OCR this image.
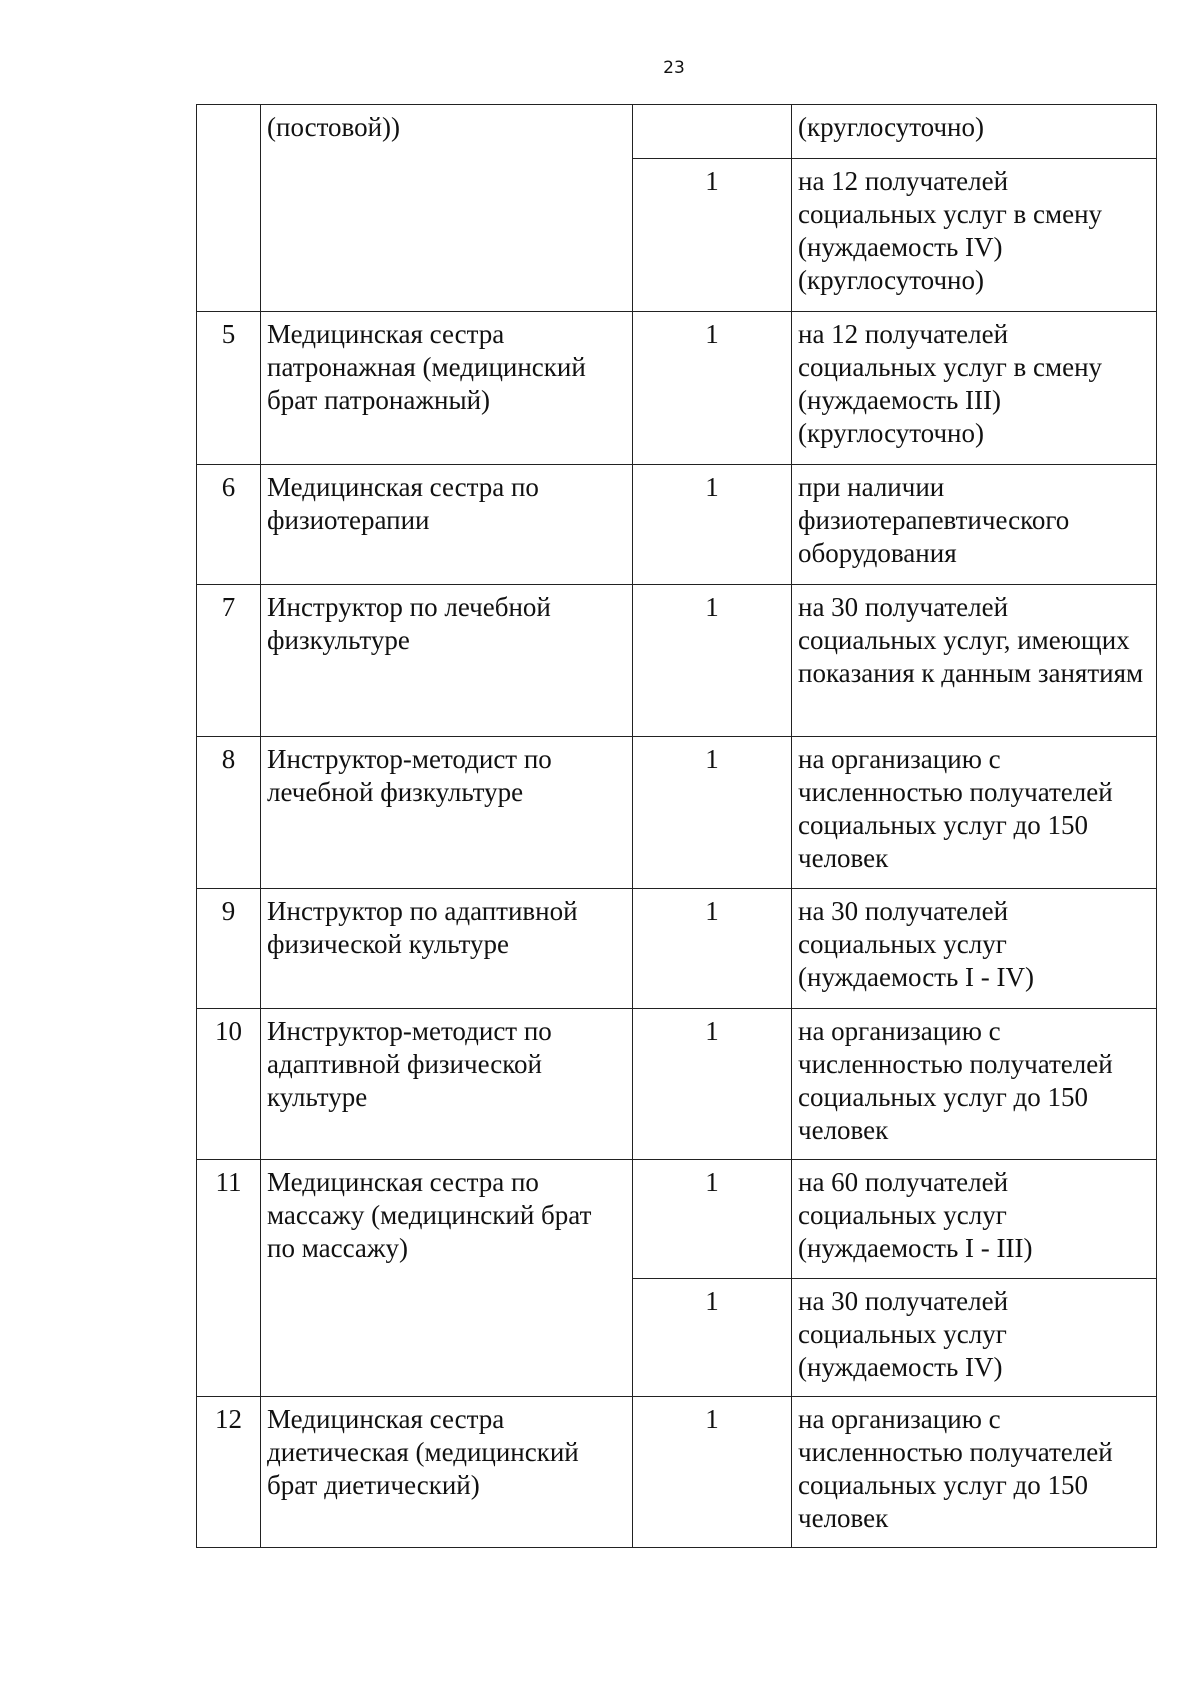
23
	(постовой))		(круглосуточно)
		1	на 12 получателей социальных услуг в смену (нуждаемость IV) (круглосуточно)
5	Медицинская сестра патронажная (медицинский брат патронажный)	1	на 12 получателей социальных услуг в смену (нуждаемость III) (круглосуточно)
6	Медицинская сестра по физиотерапии	1	при наличии физиотерапевтического оборудования
7	Инструктор по лечебной физкультуре	1	на 30 получателей социальных услуг, имеющих показания к данным занятиям
8	Инструктор-методист по лечебной физкультуре	1	на организацию с численностью получателей социальных услуг до 150 человек
9	Инструктор по адаптивной физической культуре	1	на 30 получателей социальных услуг (нуждаемость I - IV)
10	Инструктор-методист по адаптивной физической культуре	1	на организацию с численностью получателей социальных услуг до 150 человек
11	Медицинская сестра по массажу (медицинский брат по массажу)	1	на 60 получателей социальных услуг (нуждаемость I - III)
		1	на 30 получателей социальных услуг (нуждаемость IV)
12	Медицинская сестра диетическая (медицинский брат диетический)	1	на организацию с численностью получателей социальных услуг до 150 человек
